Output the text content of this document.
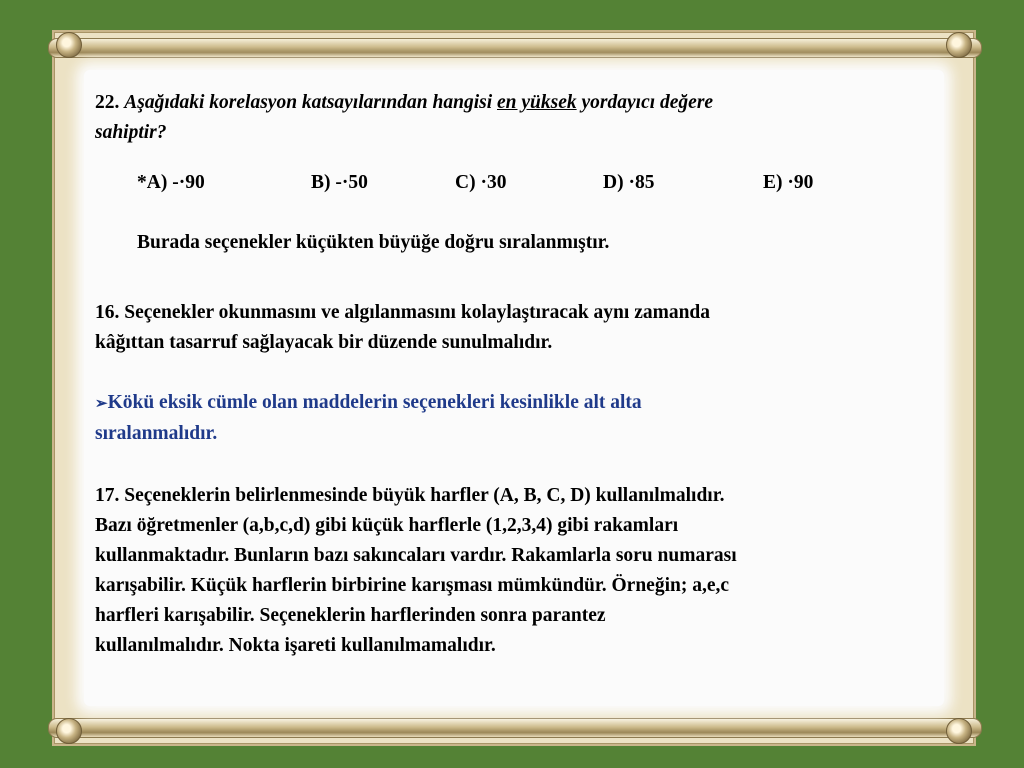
22. Aşağıdaki korelasyon katsayılarından hangisi en yüksek yordayıcı değere
sahiptir?
*A) -·90	B) -·50	C) ·30	D) ·85	E) ·90
Burada seçenekler küçükten büyüğe doğru sıralanmıştır.
16. Seçenekler okunmasını ve algılanmasını kolaylaştıracak aynı zamanda
kâğıttan tasarruf sağlayacak bir düzende sunulmalıdır.
➢Kökü eksik cümle olan maddelerin seçenekleri kesinlikle alt alta
sıralanmalıdır.
17. Seçeneklerin belirlenmesinde büyük harfler (A, B, C, D) kullanılmalıdır.
Bazı öğretmenler (a,b,c,d) gibi küçük harflerle (1,2,3,4) gibi rakamları
kullanmaktadır. Bunların bazı sakıncaları vardır. Rakamlarla soru numarası
karışabilir. Küçük harflerin birbirine karışması mümkündür. Örneğin; a,e,c
harfleri karışabilir. Seçeneklerin harflerinden sonra parantez
kullanılmalıdır. Nokta işareti kullanılmamalıdır.
